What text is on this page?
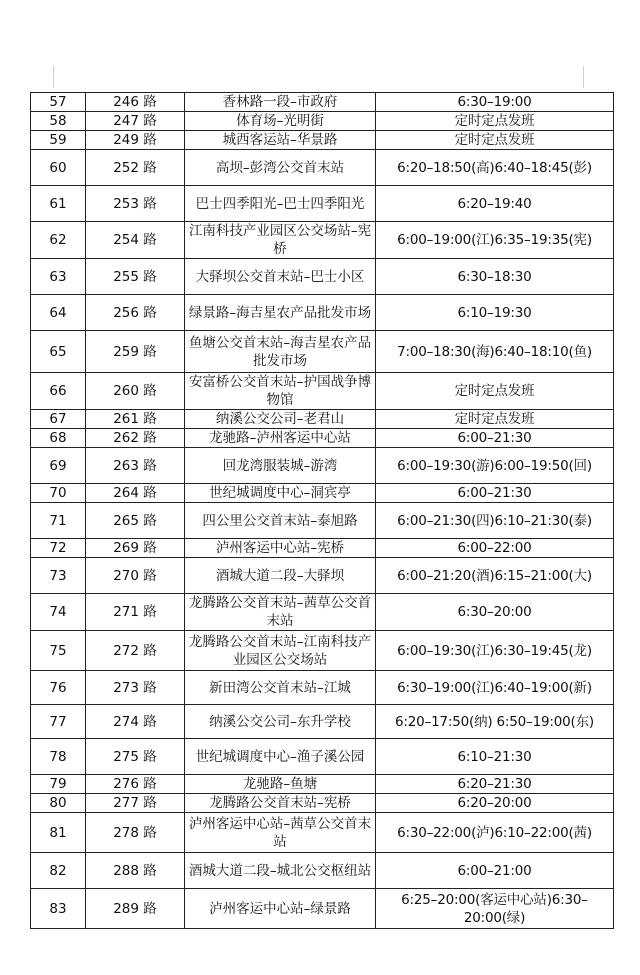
57	246 路	香林路一段–市政府	6:30–19:00
58	247 路	体育场–光明街	定时定点发班
59	249 路	城西客运站–华景路	定时定点发班
60	252 路	高坝–彭湾公交首末站	6:20–18:50(高)6:40–18:45(彭)
61	253 路	巴士四季阳光–巴士四季阳光	6:20–19:40
62	254 路	江南科技产业园区公交场站–宪桥	6:00–19:00(江)6:35–19:35(宪)
63	255 路	大驿坝公交首末站–巴士小区	6:30–18:30
64	256 路	绿景路–海吉星农产品批发市场	6:10–19:30
65	259 路	鱼塘公交首末站–海吉星农产品批发市场	7:00–18:30(海)6:40–18:10(鱼)
66	260 路	安富桥公交首末站–护国战争博物馆	定时定点发班
67	261 路	纳溪公交公司–老君山	定时定点发班
68	262 路	龙驰路–泸州客运中心站	6:00–21:30
69	263 路	回龙湾服装城–游湾	6:00–19:30(游)6:00–19:50(回)
70	264 路	世纪城调度中心–洞宾亭	6:00–21:30
71	265 路	四公里公交首末站–泰旭路	6:00–21:30(四)6:10–21:30(泰)
72	269 路	泸州客运中心站–宪桥	6:00–22:00
73	270 路	酒城大道二段–大驿坝	6:00–21:20(酒)6:15–21:00(大)
74	271 路	龙腾路公交首末站–茜草公交首末站	6:30–20:00
75	272 路	龙腾路公交首末站–江南科技产业园区公交场站	6:00–19:30(江)6:30–19:45(龙)
76	273 路	新田湾公交首末站–江城	6:30–19:00(江)6:40–19:00(新)
77	274 路	纳溪公交公司–东升学校	6:20–17:50(纳) 6:50–19:00(东)
78	275 路	世纪城调度中心–渔子溪公园	6:10–21:30
79	276 路	龙驰路–鱼塘	6:20–21:30
80	277 路	龙腾路公交首末站–宪桥	6:20–20:00
81	278 路	泸州客运中心站–茜草公交首末站	6:30–22:00(泸)6:10–22:00(茜)
82	288 路	酒城大道二段–城北公交枢纽站	6:00–21:00
83	289 路	泸州客运中心站–绿景路	6:25–20:00(客运中心站)6:30–20:00(绿)
